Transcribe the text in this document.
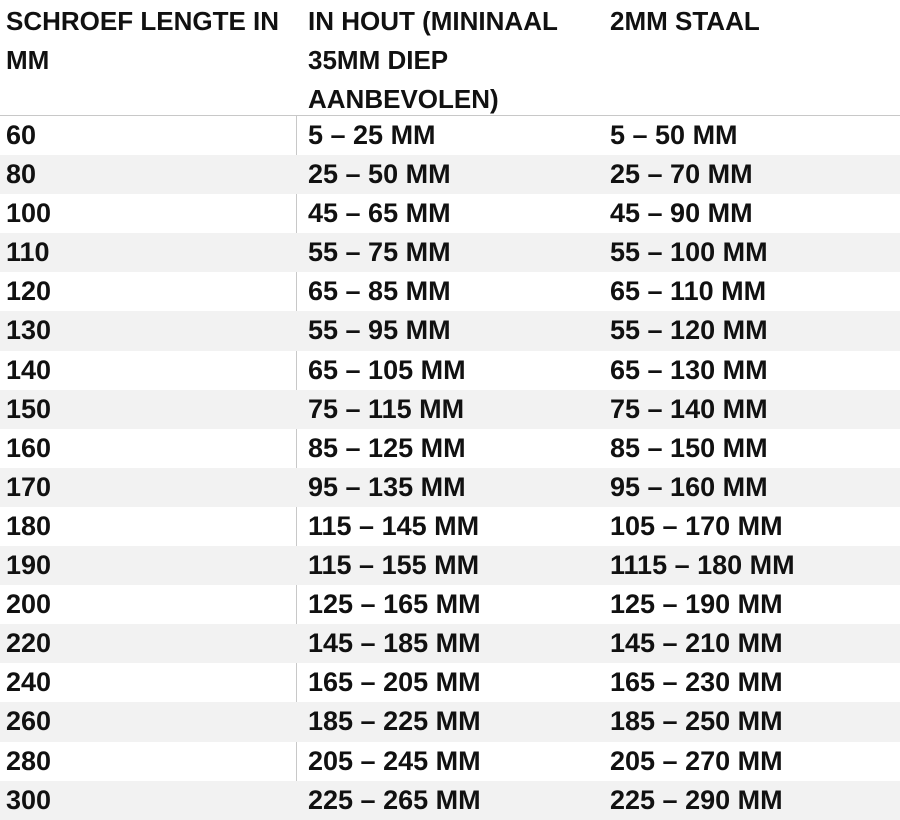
SCHROEF LENGTE IN MM
IN HOUT (MININAAL 35MM DIEP AANBEVOLEN)
2MM STAAL
60	5 – 25 MM	5 – 50 MM
80	25 – 50 MM	25 – 70 MM
100	45 – 65 MM	45 – 90 MM
110	55 – 75 MM	55 – 100 MM
120	65 – 85 MM	65 – 110 MM
130	55 – 95 MM	55 – 120 MM
140	65 – 105 MM	65 – 130 MM
150	75 – 115 MM	75 – 140 MM
160	85 – 125 MM	85 – 150 MM
170	95 – 135 MM	95 – 160 MM
180	115 – 145 MM	105 – 170 MM
190	115 – 155 MM	1115 – 180 MM
200	125 – 165 MM	125 – 190 MM
220	145 – 185 MM	145 – 210 MM
240	165 – 205 MM	165 – 230 MM
260	185 – 225 MM	185 – 250 MM
280	205 – 245 MM	205 – 270 MM
300	225 – 265 MM	225 – 290 MM
